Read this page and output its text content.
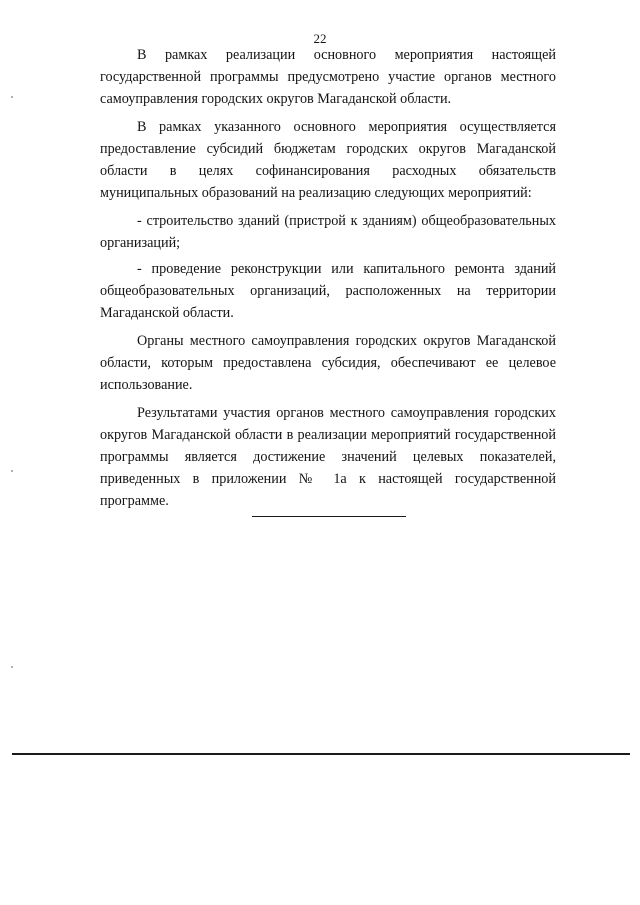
22

В рамках реализации основного мероприятия настоящей государственной программы предусмотрено участие органов местного самоуправления городских округов Магаданской области.

В рамках указанного основного мероприятия осуществляется предоставление субсидий бюджетам городских округов Магаданской области в целях софинансирования расходных обязательств муниципальных образований на реализацию следующих мероприятий:

- строительство зданий (пристрой к зданиям) общеобразовательных организаций;

- проведение реконструкции или капитального ремонта зданий общеобразовательных организаций, расположенных на территории Магаданской области.

Органы местного самоуправления городских округов Магаданской области, которым предоставлена субсидия, обеспечивают ее целевое использование.

Результатами участия органов местного самоуправления городских округов Магаданской области в реализации мероприятий государственной программы является достижение значений целевых показателей, приведенных в приложении № 1а к настоящей государственной программе.
